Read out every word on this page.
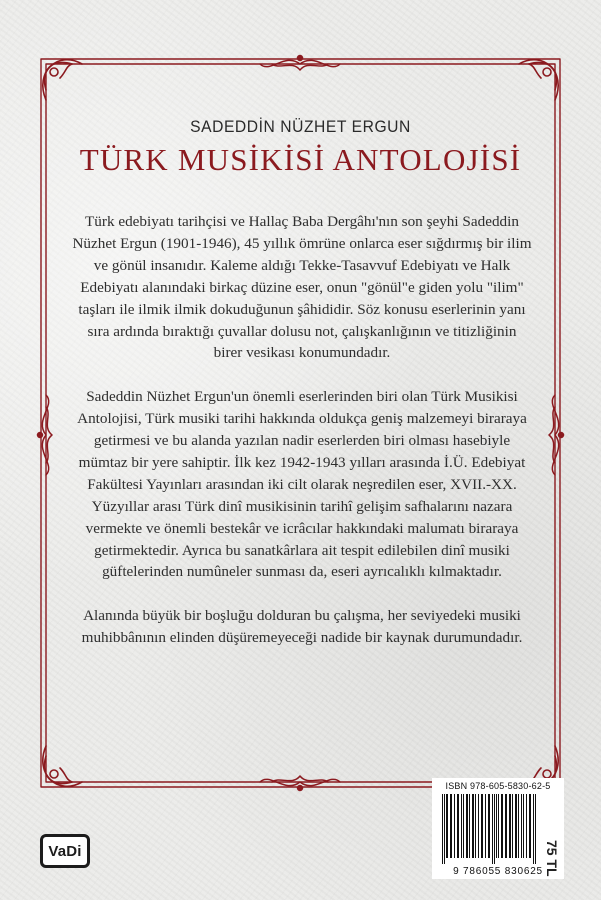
SADEDDİN NÜZHET ERGUN
TÜRK MUSİKİSİ ANTOLOJİSİ

Türk edebiyatı tarihçisi ve Hallaç Baba Dergâhı'nın son şeyhi Sadeddin Nüzhet Ergun (1901-1946), 45 yıllık ömrüne onlarca eser sığdırmış bir ilim ve gönül insanıdır. Kaleme aldığı Tekke-Tasavvuf Edebiyatı ve Halk Edebiyatı alanındaki birkaç düzine eser, onun "gönül"e giden yolu "ilim" taşları ile ilmik ilmik dokuduğunun şâhididir. Söz konusu eserlerinin yanı sıra ardında bıraktığı çuvallar dolusu not, çalışkanlığının ve titizliğinin birer vesikası konumundadır.

Sadeddin Nüzhet Ergun'un önemli eserlerinden biri olan Türk Musikisi Antolojisi, Türk musiki tarihi hakkında oldukça geniş malzemeyi biraraya getirmesi ve bu alanda yazılan nadir eserlerden biri olması hasebiyle mümtaz bir yere sahiptir. İlk kez 1942-1943 yılları arasında İ.Ü. Edebiyat Fakültesi Yayınları arasından iki cilt olarak neşredilen eser, XVII.-XX. Yüzyıllar arası Türk dinî musikisinin tarihî gelişim safhalarını nazara vermekte ve önemli bestekâr ve icrâcılar hakkındaki malumatı biraraya getirmektedir. Ayrıca bu sanatkârlara ait tespit edilebilen dinî musiki güftelerinden numûneler sunması da, eseri ayrıcalıklı kılmaktadır.

Alanında büyük bir boşluğu dolduran bu çalışma, her seviyedeki musiki muhibbânının elinden düşüremeyeceği nadide bir kaynak durumundadır.

ISBN 978-605-5830-62-5
9 786055 830625 75 TL
VaDi
